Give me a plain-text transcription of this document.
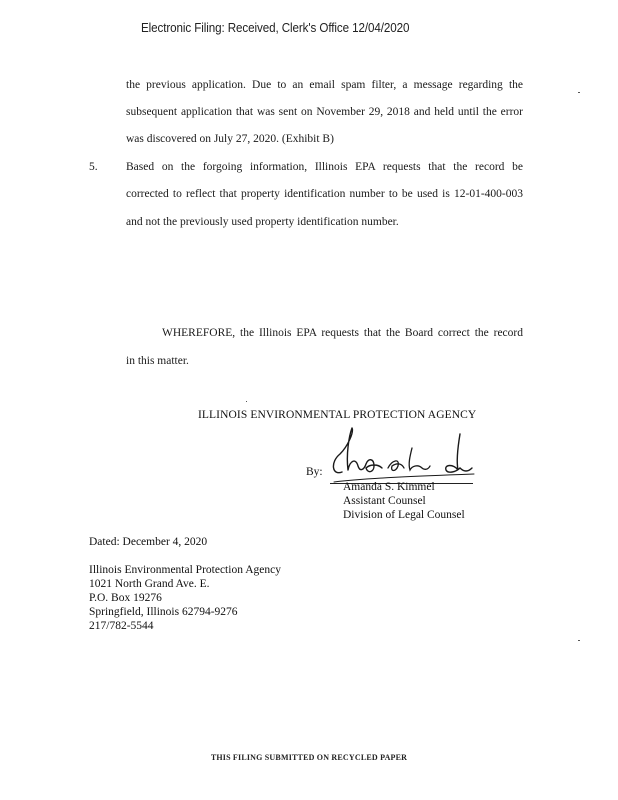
Electronic Filing: Received, Clerk's Office 12/04/2020
the previous application. Due to an email spam filter, a message regarding the
subsequent application that was sent on November 29, 2018 and held until the error
was discovered on July 27, 2020. (Exhibit B)
5. Based on the forgoing information, Illinois EPA requests that the record be
corrected to reflect that property identification number to be used is 12-01-400-003
and not the previously used property identification number.
WHEREFORE, the Illinois EPA requests that the Board correct the record
in this matter.
ILLINOIS ENVIRONMENTAL PROTECTION AGENCY
By:
Amanda S. Kimmel
Assistant Counsel
Division of Legal Counsel
Dated: December 4, 2020
Illinois Environmental Protection Agency
1021 North Grand Ave. E.
P.O. Box 19276
Springfield, Illinois 62794-9276
217/782-5544
THIS FILING SUBMITTED ON RECYCLED PAPER
